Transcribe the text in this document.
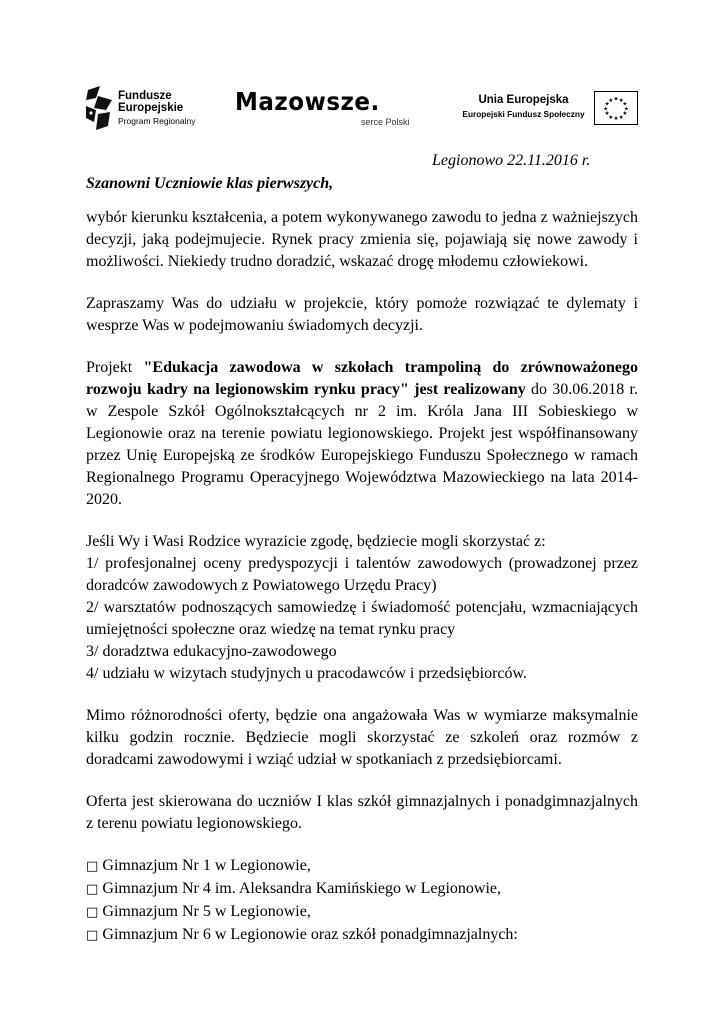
Fundusze
Europejskie
Program Regionalny
Mazowsze.
serce Polski
Unia Europejska
Europejski Fundusz Społeczny
★ ★
★
★
★
★
★
★
★
★
★
★
Legionowo 22.11.2016 r.
Szanowni Uczniowie klas pierwszych,

wybór kierunku kształcenia, a potem wykonywanego zawodu to jedna z ważniejszych decyzji, jaką podejmujecie. Rynek pracy zmienia się, pojawiają się nowe zawody i możliwości. Niekiedy trudno doradzić, wskazać drogę młodemu człowiekowi.

Zapraszamy Was do udziału w projekcie, który pomoże rozwiązać te dylematy i wesprze Was w podejmowaniu świadomych decyzji.

Projekt "Edukacja zawodowa w szkołach trampoliną do zrównoważonego rozwoju kadry na legionowskim rynku pracy" jest realizowany do 30.06.2018 r. w Zespole Szkół Ogólnokształcących nr 2 im. Króla Jana III Sobieskiego w Legionowie oraz na terenie powiatu legionowskiego. Projekt jest współfinansowany przez Unię Europejską ze środków Europejskiego Funduszu Społecznego w ramach Regionalnego Programu Operacyjnego Województwa Mazowieckiego na lata 2014-2020.

Jeśli Wy i Wasi Rodzice wyrazicie zgodę, będziecie mogli skorzystać z:

1/ profesjonalnej oceny predyspozycji i talentów zawodowych (prowadzonej przez doradców zawodowych z Powiatowego Urzędu Pracy)

2/ warsztatów podnoszących samowiedzę i świadomość potencjału, wzmacniających umiejętności społeczne oraz wiedzę na temat rynku pracy

3/ doradztwa edukacyjno-zawodowego

4/ udziału w wizytach studyjnych u pracodawców i przedsiębiorców.

Mimo różnorodności oferty, będzie ona angażowała Was w wymiarze maksymalnie kilku godzin rocznie. Będziecie mogli skorzystać ze szkoleń oraz rozmów z doradcami zawodowymi i wziąć udział w spotkaniach z przedsiębiorcami.

Oferta jest skierowana do uczniów I klas szkół gimnazjalnych i ponadgimnazjalnych z terenu powiatu legionowskiego.

□ Gimnazjum Nr 1 w Legionowie,

□ Gimnazjum Nr 4 im. Aleksandra Kamińskiego w Legionowie,

□ Gimnazjum Nr 5 w Legionowie,

□ Gimnazjum Nr 6 w Legionowie oraz szkół ponadgimnazjalnych:
